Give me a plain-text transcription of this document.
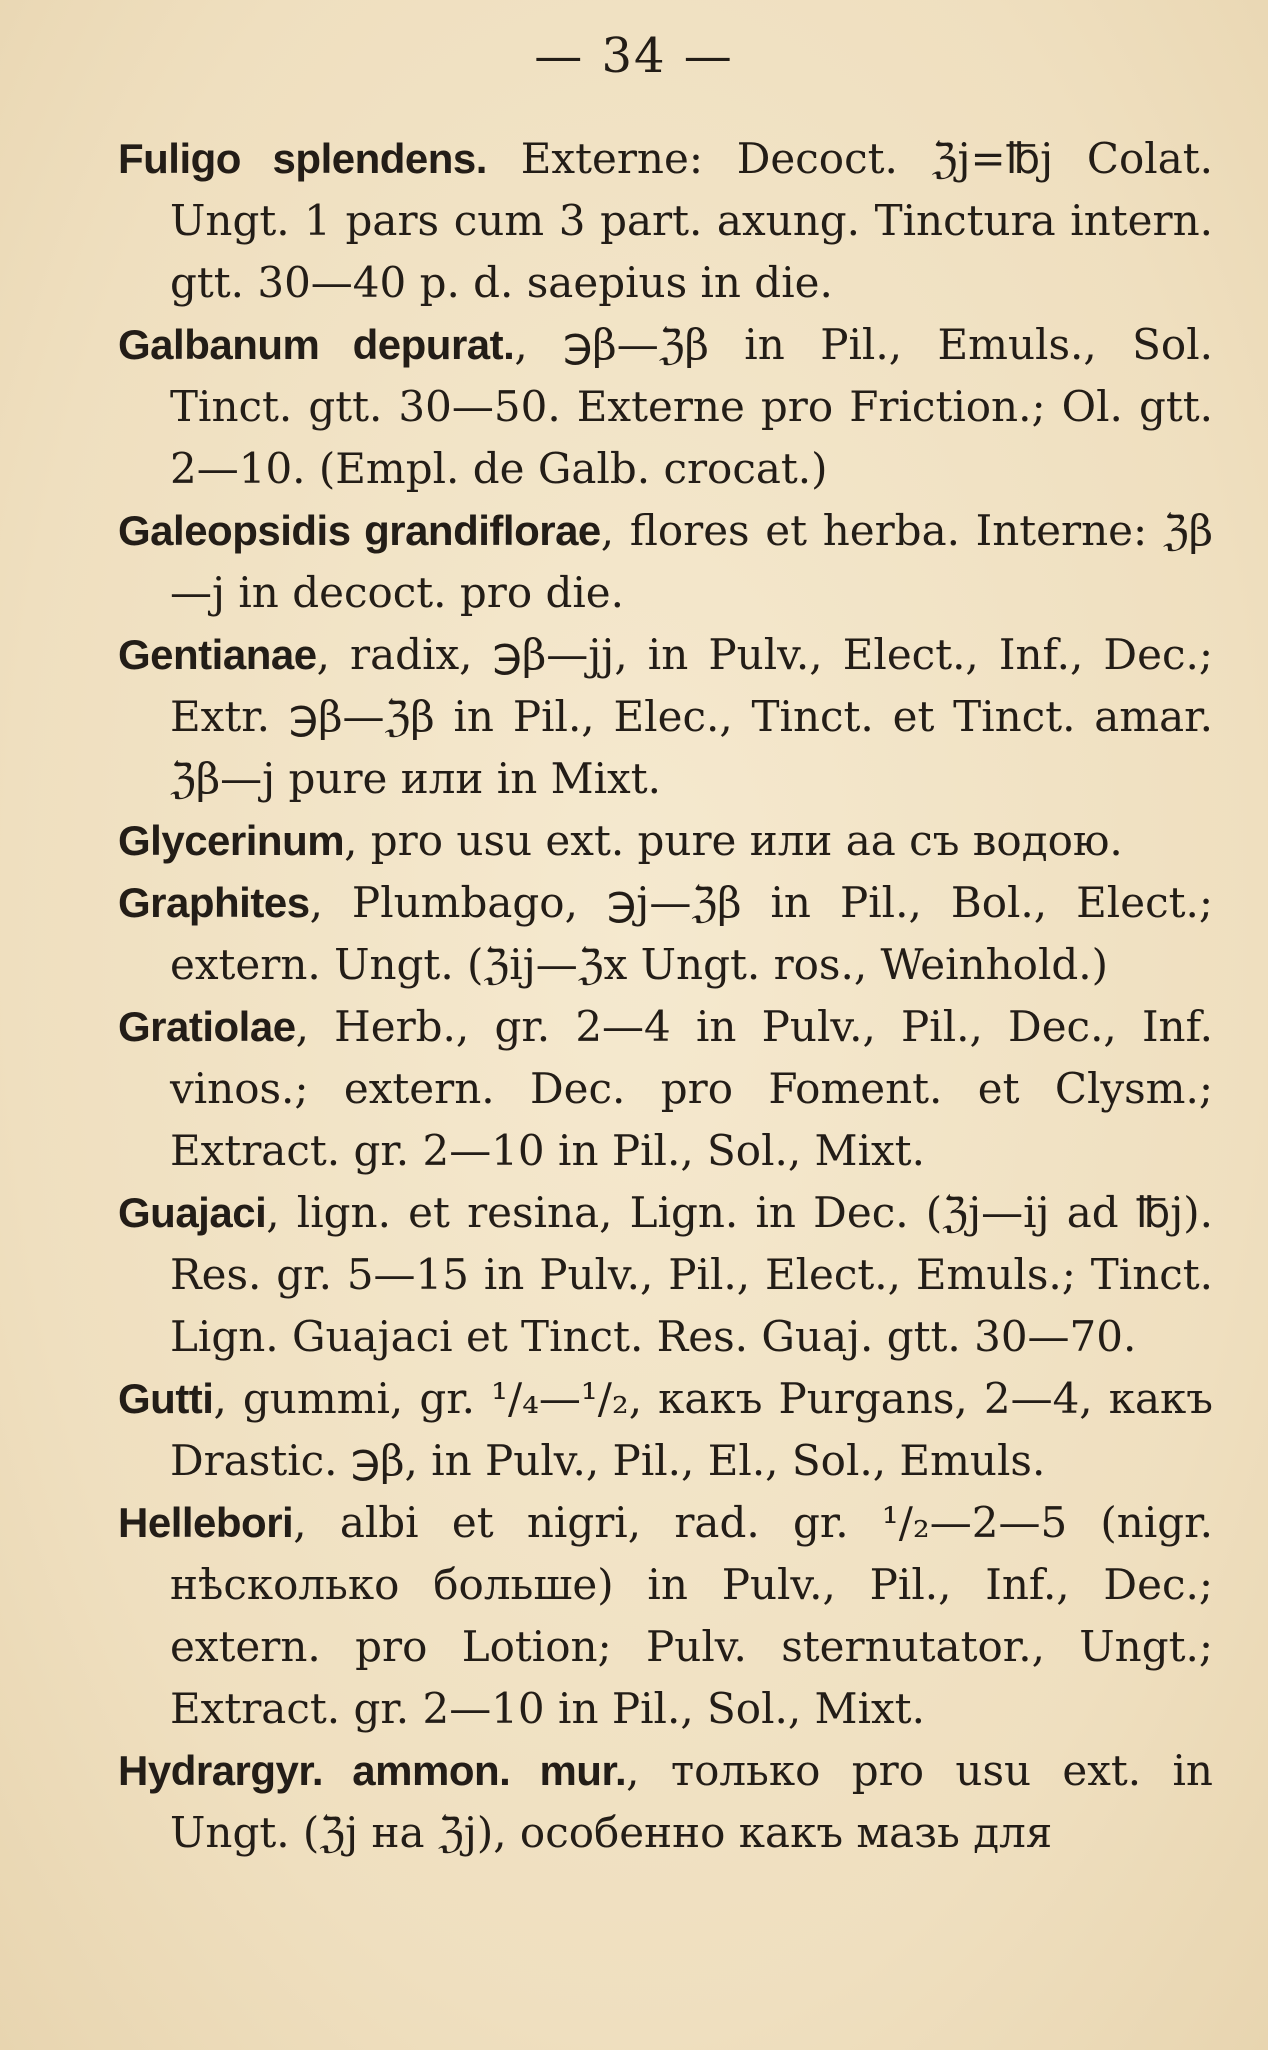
— 34 —

Fuligo splendens. Externe: Decoct. ℨj=℔j Colat. Ungt. 1 pars cum 3 part. axung. Tinctura intern. gtt. 30—40 p. d. saepius in die.

Galbanum depurat., ℈β—ℨβ in Pil., Emuls., Sol. Tinct. gtt. 30—50. Externe pro Friction.; Ol. gtt. 2—10. (Empl. de Galb. crocat.)

Galeopsidis grandiflorae, flores et herba. Interne: ℨβ—j in decoct. pro die.

Gentianae, radix, ℈β—jj, in Pulv., Elect., Inf., Dec.; Extr. ℈β—ℨβ in Pil., Elec., Tinct. et Tinct. amar. ℨβ—j pure или in Mixt.

Glycerinum, pro usu ext. pure или aa съ водою.

Graphites, Plumbago, ℈j—ℨβ in Pil., Bol., Elect.; extern. Ungt. (ℨij—ℨx Ungt. ros., Weinhold.)

Gratiolae, Herb., gr. 2—4 in Pulv., Pil., Dec., Inf. vinos.; extern. Dec. pro Foment. et Clysm.; Extract. gr. 2—10 in Pil., Sol., Mixt.

Guajaci, lign. et resina, Lign. in Dec. (ℨj—ij ad ℔j). Res. gr. 5—15 in Pulv., Pil., Elect., Emuls.; Tinct. Lign. Guajaci et Tinct. Res. Guaj. gtt. 30—70.

Gutti, gummi, gr. ¹/₄—¹/₂, какъ Purgans, 2—4, какъ Drastic. ℈β, in Pulv., Pil., El., Sol., Emuls.

Hellebori, albi et nigri, rad. gr. ¹/₂—2—5 (nigr. нѣсколько больше) in Pulv., Pil., Inf., Dec.; extern. pro Lotion; Pulv. sternutator., Ungt.; Extract. gr. 2—10 in Pil., Sol., Mixt.

Hydrargyr. ammon. mur., только pro usu ext. in Ungt. (ℨj на ℨj), особенно какъ мазь для
